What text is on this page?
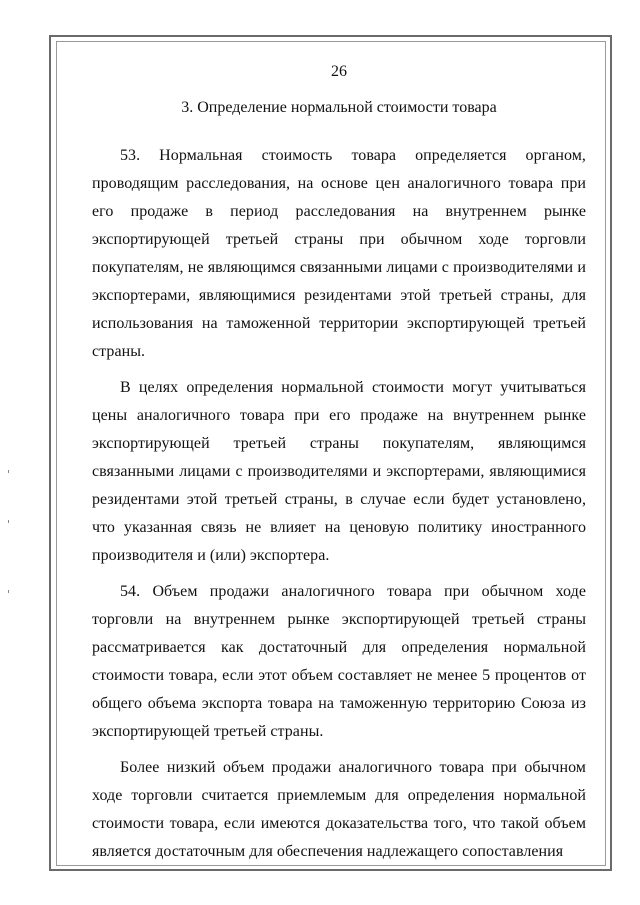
26

3. Определение нормальной стоимости товара

53. Нормальная стоимость товара определяется органом, проводящим расследования, на основе цен аналогичного товара при его продаже в период расследования на внутреннем рынке экспортирующей третьей страны при обычном ходе торговли покупателям, не являющимся связанными лицами с производителями и экспортерами, являющимися резидентами этой третьей страны, для использования на таможенной территории экспортирующей третьей страны.

В целях определения нормальной стоимости могут учитываться цены аналогичного товара при его продаже на внутреннем рынке экспортирующей третьей страны покупателям, являющимся связанными лицами с производителями и экспортерами, являющимися резидентами этой третьей страны, в случае если будет установлено, что указанная связь не влияет на ценовую политику иностранного производителя и (или) экспортера.

54. Объем продажи аналогичного товара при обычном ходе торговли на внутреннем рынке экспортирующей третьей страны рассматривается как достаточный для определения нормальной стоимости товара, если этот объем составляет не менее 5 процентов от общего объема экспорта товара на таможенную территорию Союза из экспортирующей третьей страны.

Более низкий объем продажи аналогичного товара при обычном ходе торговли считается приемлемым для определения нормальной стоимости товара, если имеются доказательства того, что такой объем является достаточным для обеспечения надлежащего сопоставления
